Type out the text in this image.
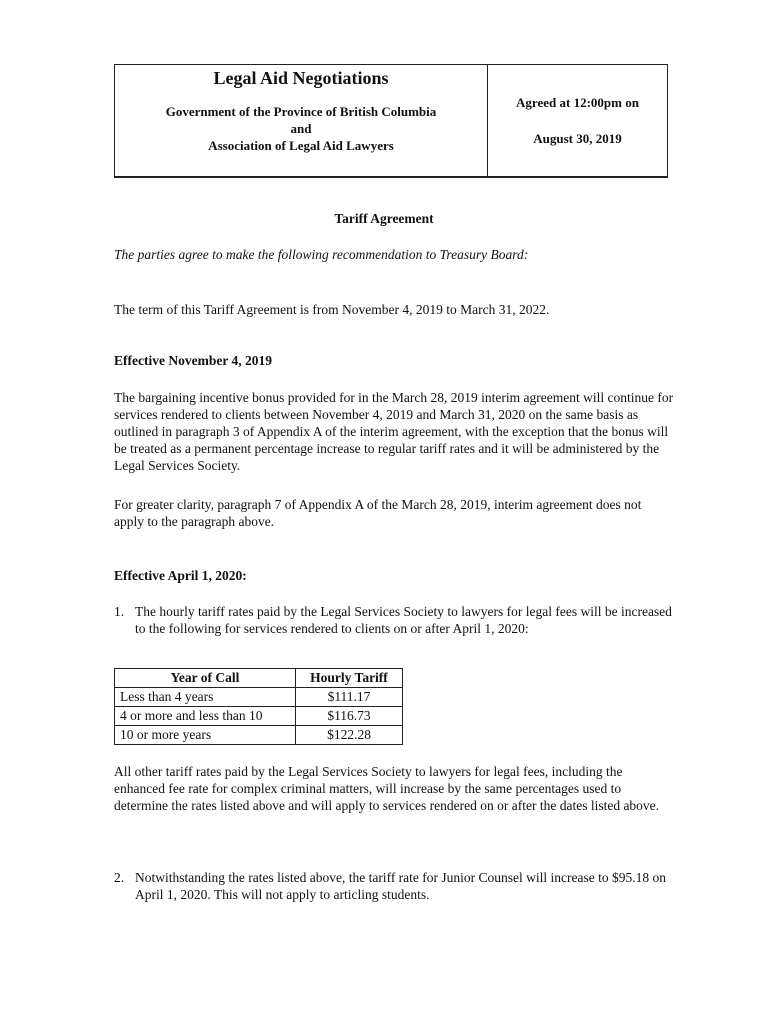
Legal Aid Negotiations
Government of the Province of British Columbia
and
Association of Legal Aid Lawyers
Agreed at 12:00pm on
August 30, 2019
Tariff Agreement
The parties agree to make the following recommendation to Treasury Board:
The term of this Tariff Agreement is from November 4, 2019 to March 31, 2022.
Effective November 4, 2019
The bargaining incentive bonus provided for in the March 28, 2019 interim agreement will continue for services rendered to clients between November 4, 2019 and March 31, 2020 on the same basis as outlined in paragraph 3 of Appendix A of the interim agreement, with the exception that the bonus will be treated as a permanent percentage increase to regular tariff rates and it will be administered by the Legal Services Society.
For greater clarity, paragraph 7 of Appendix A of the March 28, 2019, interim agreement does not apply to the paragraph above.
Effective April 1, 2020:
1. The hourly tariff rates paid by the Legal Services Society to lawyers for legal fees will be increased to the following for services rendered to clients on or after April 1, 2020:
Year of Call	Hourly Tariff
Less than 4 years	$111.17
4 or more and less than 10	$116.73
10 or more years	$122.28
All other tariff rates paid by the Legal Services Society to lawyers for legal fees, including the enhanced fee rate for complex criminal matters, will increase by the same percentages used to determine the rates listed above and will apply to services rendered on or after the dates listed above.
2. Notwithstanding the rates listed above, the tariff rate for Junior Counsel will increase to $95.18 on April 1, 2020. This will not apply to articling students.
